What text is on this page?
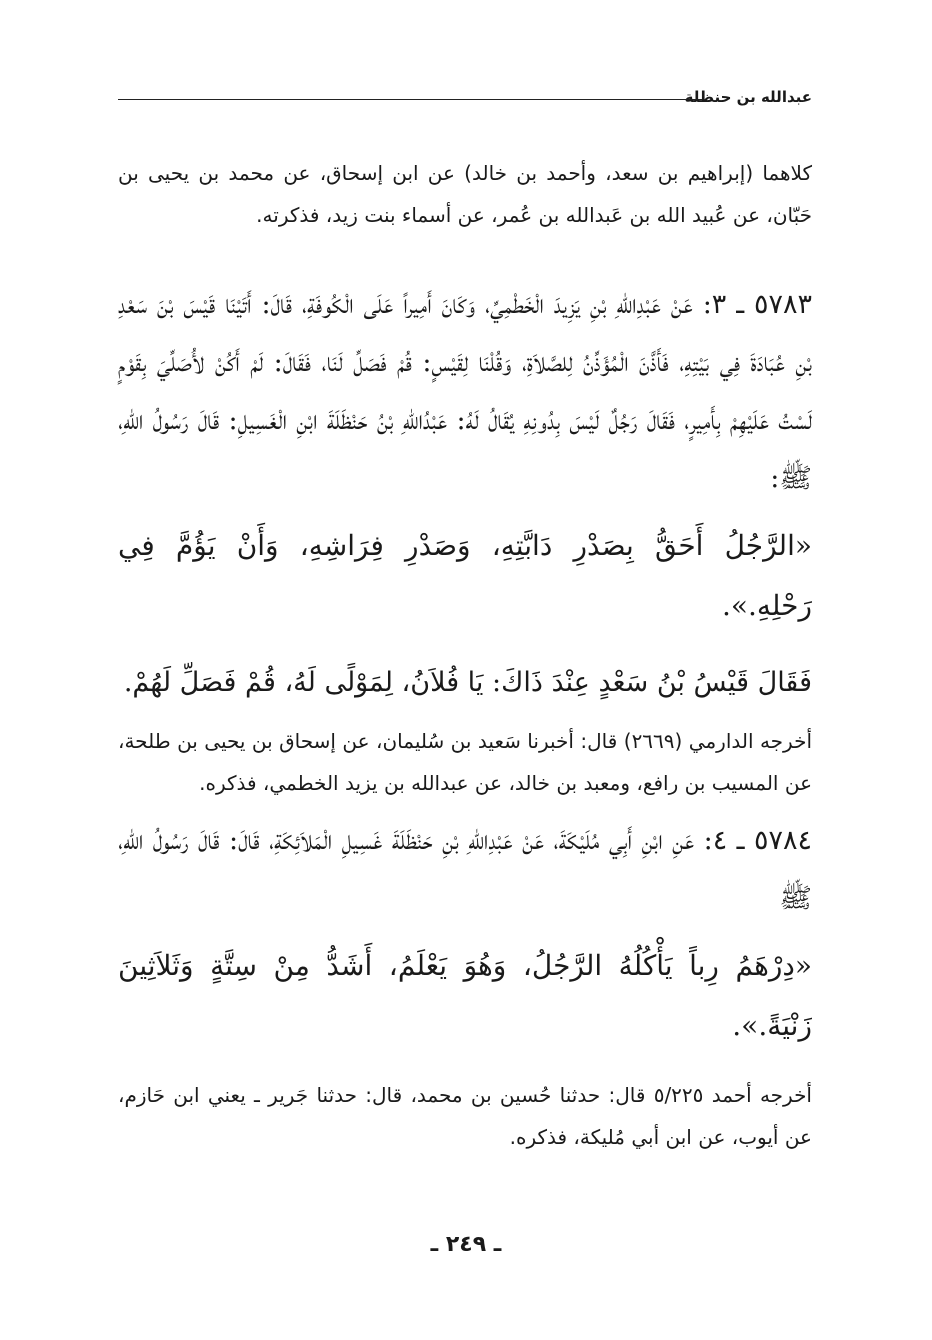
عبدالله بن حنظلة

كلاهما (إبراهيم بن سعد، وأحمد بن خالد) عن ابن إسحاق، عن محمد بن يحيى بن حَبّان، عن عُبيد الله بن عَبدالله بن عُمر، عن أسماء بنت زيد، فذكرته.

٥٧٨٣ ـ ٣: عَنْ عَبْدِاللهِ بْنِ يَزِيدَ الْخَطْمِيِّ، وَكَانَ أَمِيراً عَلَى الْكُوفَةِ، قَالَ: أَتَيْنَا قَيْسَ بْنَ سَعْدِ بْنِ عُبَادَةَ فِي بَيْتِهِ، فَأَذَّنَ الْمُؤَذِّنُ لِلصَّلاَةِ، وَقُلْنَا لِقَيْسٍ: قُمْ فَصَلِّ لَنَا، فَقَالَ: لَمْ أَكُنْ لأُصَلِّيَ بِقَوْمٍ لَسْتُ عَلَيْهِمْ بِأَمِيرٍ، فَقَالَ رَجُلٌ لَيْسَ بِدُونِهِ يُقَالُ لَهُ: عَبْدُاللهِ بْنُ حَنْظَلَةَ ابْنِ الْغَسِيلِ: قَالَ رَسُولُ اللهِ، ﷺ:

«الرَّجُلُ أَحَقُّ بِصَدْرِ دَابَّتِهِ، وَصَدْرِ فِرَاشِهِ، وَأَنْ يَؤُمَّ فِي رَحْلِهِ.».

فَقَالَ قَيْسُ بْنُ سَعْدٍ عِنْدَ ذَاكَ: يَا فُلاَنُ، لِمَوْلًى لَهُ، قُمْ فَصَلِّ لَهُمْ.

أخرجه الدارمي (٢٦٦٩) قال: أخبرنا سَعيد بن سُليمان، عن إسحاق بن يحيى بن طلحة، عن المسيب بن رافع، ومعبد بن خالد، عن عبدالله بن يزيد الخطمي، فذكره.

٥٧٨٤ ـ ٤: عَنِ ابْنِ أَبِي مُلَيْكَةَ، عَنْ عَبْدِاللهِ بْنِ حَنْظَلَةَ غَسِيلِ الْمَلاَئِكَةِ، قَالَ: قَالَ رَسُولُ اللهِ، ﷺ

«دِرْهَمُ رِباً يَأْكُلُهُ الرَّجُلُ، وَهُوَ يَعْلَمُ، أَشَدُّ مِنْ سِتَّةٍ وَثَلاَثِينَ زَنْيَةً.».

أخرجه أحمد ٥/٢٢٥ قال: حدثنا حُسين بن محمد، قال: حدثنا جَرير ـ يعني ابن حَازم، عن أيوب، عن ابن أبي مُليكة، فذكره.

ـ ٢٤٩ ـ
